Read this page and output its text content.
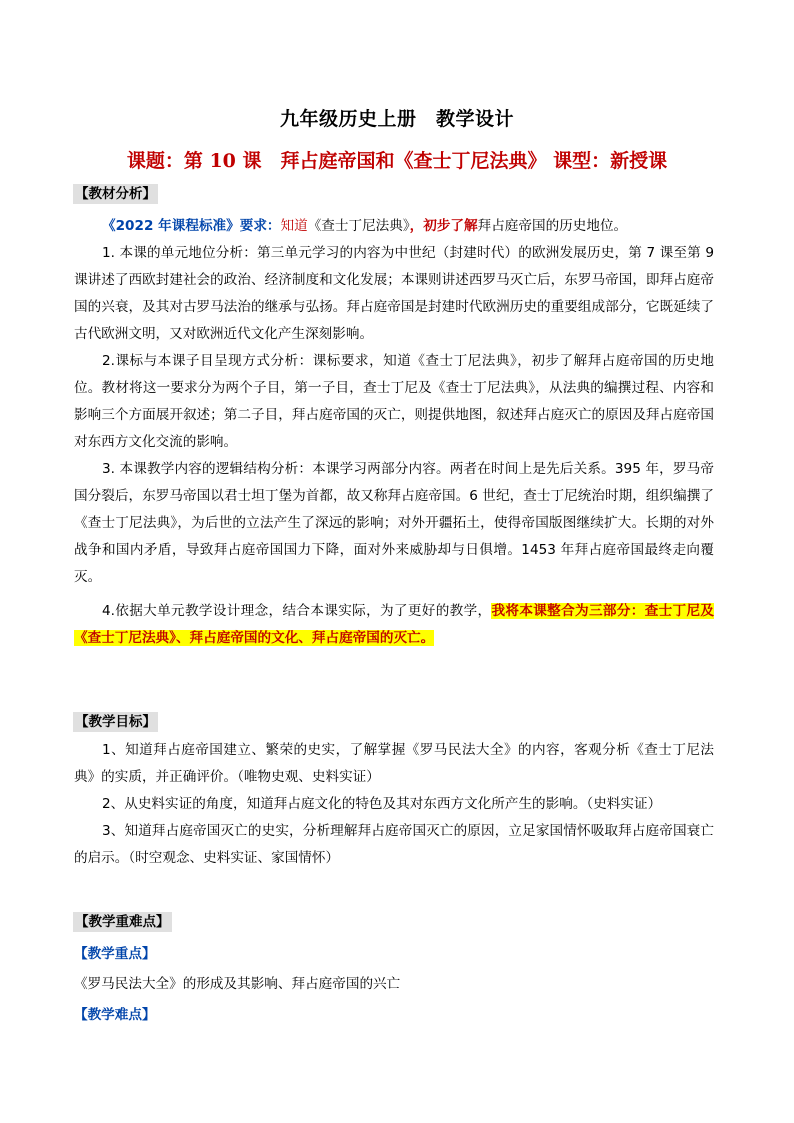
九年级历史上册　教学设计
课题：第 10 课　拜占庭帝国和《查士丁尼法典》 课型：新授课
【教材分析】
《2022 年课程标准》要求：知道《查士丁尼法典》，初步了解拜占庭帝国的历史地位。
1. 本课的单元地位分析：第三单元学习的内容为中世纪（封建时代）的欧洲发展历史，第 7 课至第 9 课讲述了西欧封建社会的政治、经济制度和文化发展；本课则讲述西罗马灭亡后，东罗马帝国，即拜占庭帝国的兴衰，及其对古罗马法治的继承与弘扬。拜占庭帝国是封建时代欧洲历史的重要组成部分，它既延续了古代欧洲文明，又对欧洲近代文化产生深刻影响。
2.课标与本课子目呈现方式分析：课标要求，知道《查士丁尼法典》，初步了解拜占庭帝国的历史地位。教材将这一要求分为两个子目，第一子目，查士丁尼及《查士丁尼法典》，从法典的编撰过程、内容和影响三个方面展开叙述；第二子目，拜占庭帝国的灭亡，则提供地图，叙述拜占庭灭亡的原因及拜占庭帝国对东西方文化交流的影响。
3. 本课教学内容的逻辑结构分析：本课学习两部分内容。两者在时间上是先后关系。395 年，罗马帝国分裂后，东罗马帝国以君士坦丁堡为首都，故又称拜占庭帝国。6 世纪，查士丁尼统治时期，组织编撰了《查士丁尼法典》，为后世的立法产生了深远的影响；对外开疆拓土，使得帝国版图继续扩大。长期的对外战争和国内矛盾，导致拜占庭帝国国力下降，面对外来威胁却与日俱增。1453 年拜占庭帝国最终走向覆灭。
4.依据大单元教学设计理念，结合本课实际，为了更好的教学，我将本课整合为三部分：查士丁尼及《查士丁尼法典》、拜占庭帝国的文化、拜占庭帝国的灭亡。
【教学目标】
1、知道拜占庭帝国建立、繁荣的史实，了解掌握《罗马民法大全》的内容，客观分析《查士丁尼法典》的实质，并正确评价。（唯物史观、史料实证）
2、从史料实证的角度，知道拜占庭文化的特色及其对东西方文化所产生的影响。（史料实证）
3、知道拜占庭帝国灭亡的史实，分析理解拜占庭帝国灭亡的原因，立足家国情怀吸取拜占庭帝国衰亡的启示。（时空观念、史料实证、家国情怀）
【教学重难点】
【教学重点】
《罗马民法大全》的形成及其影响、拜占庭帝国的兴亡
【教学难点】
